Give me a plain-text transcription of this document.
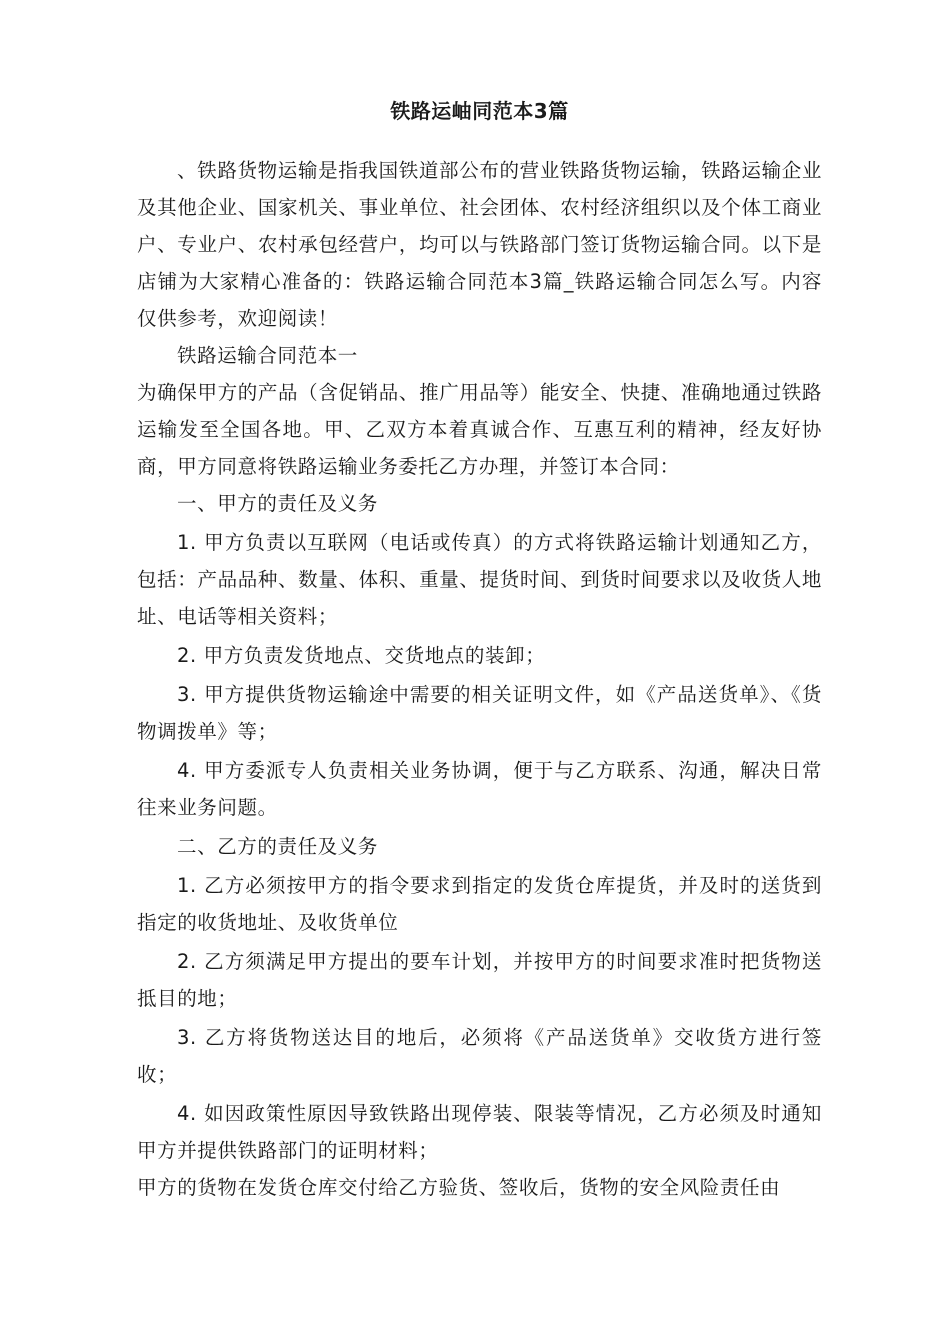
铁路运岫同范本3篇

、铁路货物运输是指我国铁道部公布的营业铁路货物运输，铁路运输企业及其他企业、国家机关、事业单位、社会团体、农村经济组织以及个体工商业户、专业户、农村承包经营户，均可以与铁路部门签订货物运输合同。以下是店铺为大家精心准备的：铁路运输合同范本3篇_铁路运输合同怎么写。内容仅供参考，欢迎阅读！

铁路运输合同范本一

为确保甲方的产品（含促销品、推广用品等）能安全、快捷、准确地通过铁路运输发至全国各地。甲、乙双方本着真诚合作、互惠互利的精神，经友好协商，甲方同意将铁路运输业务委托乙方办理，并签订本合同：

一、甲方的责任及义务

1. 甲方负责以互联网（电话或传真）的方式将铁路运输计划通知乙方，包括：产品品种、数量、体积、重量、提货时间、到货时间要求以及收货人地址、电话等相关资料；

2. 甲方负责发货地点、交货地点的装卸；

3. 甲方提供货物运输途中需要的相关证明文件，如《产品送货单》、《货物调拨单》等；

4. 甲方委派专人负责相关业务协调，便于与乙方联系、沟通，解决日常往来业务问题。

二、乙方的责任及义务

1. 乙方必须按甲方的指令要求到指定的发货仓库提货，并及时的送货到指定的收货地址、及收货单位

2. 乙方须满足甲方提出的要车计划，并按甲方的时间要求准时把货物送抵目的地；

3. 乙方将货物送达目的地后，必须将《产品送货单》交收货方进行签收；

4. 如因政策性原因导致铁路出现停装、限装等情况，乙方必须及时通知甲方并提供铁路部门的证明材料；

甲方的货物在发货仓库交付给乙方验货、签收后，货物的安全风险责任由
